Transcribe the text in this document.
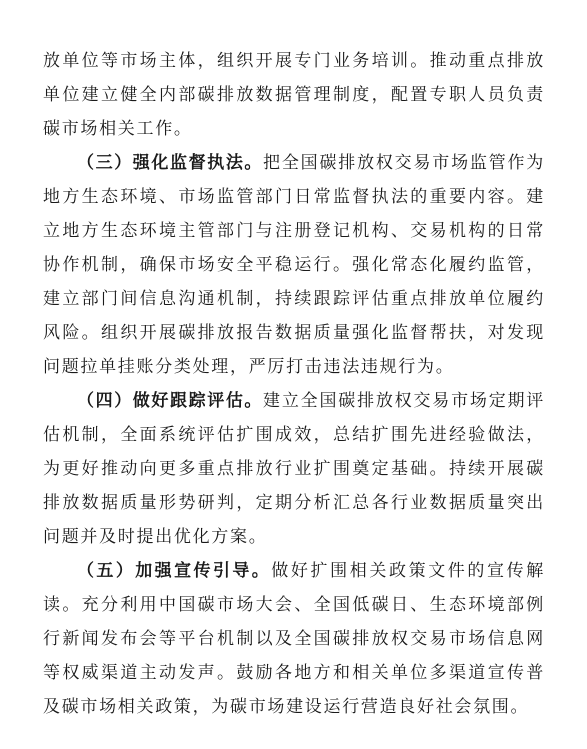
放单位等市场主体，组织开展专门业务培训。推动重点排放单位建立健全内部碳排放数据管理制度，配置专职人员负责碳市场相关工作。

（三）强化监督执法。把全国碳排放权交易市场监管作为地方生态环境、市场监管部门日常监督执法的重要内容。建立地方生态环境主管部门与注册登记机构、交易机构的日常协作机制，确保市场安全平稳运行。强化常态化履约监管，建立部门间信息沟通机制，持续跟踪评估重点排放单位履约风险。组织开展碳排放报告数据质量强化监督帮扶，对发现问题拉单挂账分类处理，严厉打击违法违规行为。

（四）做好跟踪评估。建立全国碳排放权交易市场定期评估机制，全面系统评估扩围成效，总结扩围先进经验做法，为更好推动向更多重点排放行业扩围奠定基础。持续开展碳排放数据质量形势研判，定期分析汇总各行业数据质量突出问题并及时提出优化方案。

（五）加强宣传引导。做好扩围相关政策文件的宣传解读。充分利用中国碳市场大会、全国低碳日、生态环境部例行新闻发布会等平台机制以及全国碳排放权交易市场信息网等权威渠道主动发声。鼓励各地方和相关单位多渠道宣传普及碳市场相关政策，为碳市场建设运行营造良好社会氛围。
